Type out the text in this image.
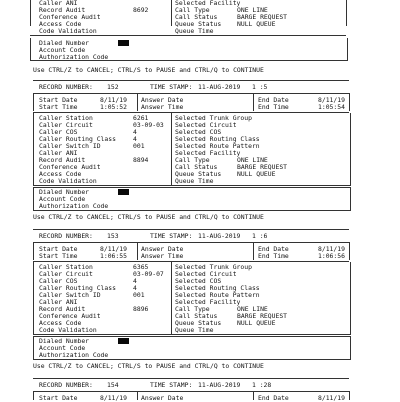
Caller ANI
Record Audit	8692
Conference Audit
Access Code
Code Validation
Selected Facility
Call Type	ONE LINE
Call Status	BARGE REQUEST
Queue Status NULL QUEUE
Queue Time
Dialed Number
Account Code
Authorization Code
Use CTRL/Z to CANCEL; CTRL/S to PAUSE and CTRL/Q to CONTINUE
RECORD NUMBER: 152	TIME STAMP: 11-AUG-2019 1 :5
Start Date	8/11/19
Start Time	1:05:52
Answer Date
Answer Time
End Date	8/11/19
End Time	1:05:54
Caller Station	6261
Caller Circuit	03-09-03
Caller COS	4
Caller Routing Class	4
Caller Switch ID	001
Caller ANI
Record Audit	8894
Conference Audit
Access Code
Code Validation
Selected Trunk Group
Selected Circuit
Selected COS
Selected Routing Class
Selected Route Pattern
Selected Facility
Call Type	ONE LINE
Call Status	BARGE REQUEST
Queue Status NULL QUEUE
Queue Time
Dialed Number
Account Code
Authorization Code
Use CTRL/Z to CANCEL; CTRL/S to PAUSE and CTRL/Q to CONTINUE
RECORD NUMBER: 153	TIME STAMP: 11-AUG-2019 1 :6
Start Date	8/11/19
Start Time	1:06:55
Answer Date
Answer Time
End Date	8/11/19
End Time	1:06:56
Caller Station	6365
Caller Circuit	03-09-07
Caller COS	4
Caller Routing Class	4
Caller Switch ID	001
Caller ANI
Record Audit	8896
Conference Audit
Access Code
Code Validation
Selected Trunk Group
Selected Circuit
Selected COS
Selected Routing Class
Selected Route Pattern
Selected Facility
Call Type	ONE LINE
Call Status	BARGE REQUEST
Queue Status NULL QUEUE
Queue Time
Dialed Number
Account Code
Authorization Code
Use CTRL/Z to CANCEL; CTRL/S to PAUSE and CTRL/Q to CONTINUE
RECORD NUMBER: 154	TIME STAMP: 11-AUG-2019 1 :28
Start Date	8/11/19 Answer Date	End Date	8/11/19
